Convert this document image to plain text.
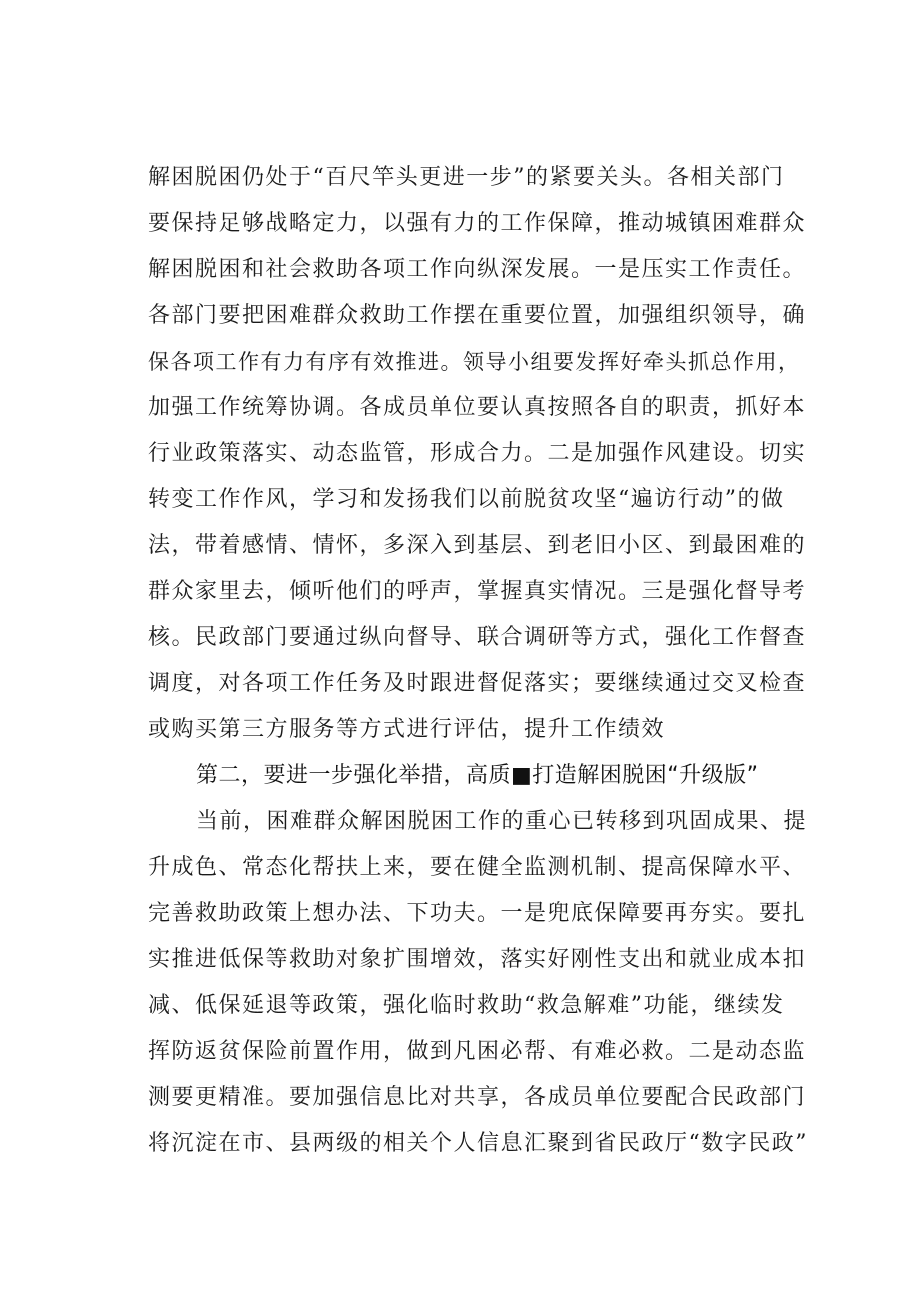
解困脱困仍处于“百尺竿头更进一步”的紧要关头。各相关部门
要保持足够战略定力，以强有力的工作保障，推动城镇困难群众
解困脱困和社会救助各项工作向纵深发展。一是压实工作责任。
各部门要把困难群众救助工作摆在重要位置，加强组织领导，确
保各项工作有力有序有效推进。领导小组要发挥好牵头抓总作用，
加强工作统筹协调。各成员单位要认真按照各自的职责，抓好本
行业政策落实、动态监管，形成合力。二是加强作风建设。切实
转变工作作风，学习和发扬我们以前脱贫攻坚“遍访行动”的做
法，带着感情、情怀，多深入到基层、到老旧小区、到最困难的
群众家里去，倾听他们的呼声，掌握真实情况。三是强化督导考
核。民政部门要通过纵向督导、联合调研等方式，强化工作督查
调度，对各项工作任务及时跟进督促落实；要继续通过交叉检查
或购买第三方服务等方式进行评估，提升工作绩效
第二，要进一步强化举措，高质■打造解困脱困“升级版”
当前，困难群众解困脱困工作的重心已转移到巩固成果、提
升成色、常态化帮扶上来，要在健全监测机制、提高保障水平、
完善救助政策上想办法、下功夫。一是兜底保障要再夯实。要扎
实推进低保等救助对象扩围增效，落实好刚性支出和就业成本扣
减、低保延退等政策，强化临时救助“救急解难”功能，继续发
挥防返贫保险前置作用，做到凡困必帮、有难必救。二是动态监
测要更精准。要加强信息比对共享，各成员单位要配合民政部门
将沉淀在市、县两级的相关个人信息汇聚到省民政厅“数字民政”
